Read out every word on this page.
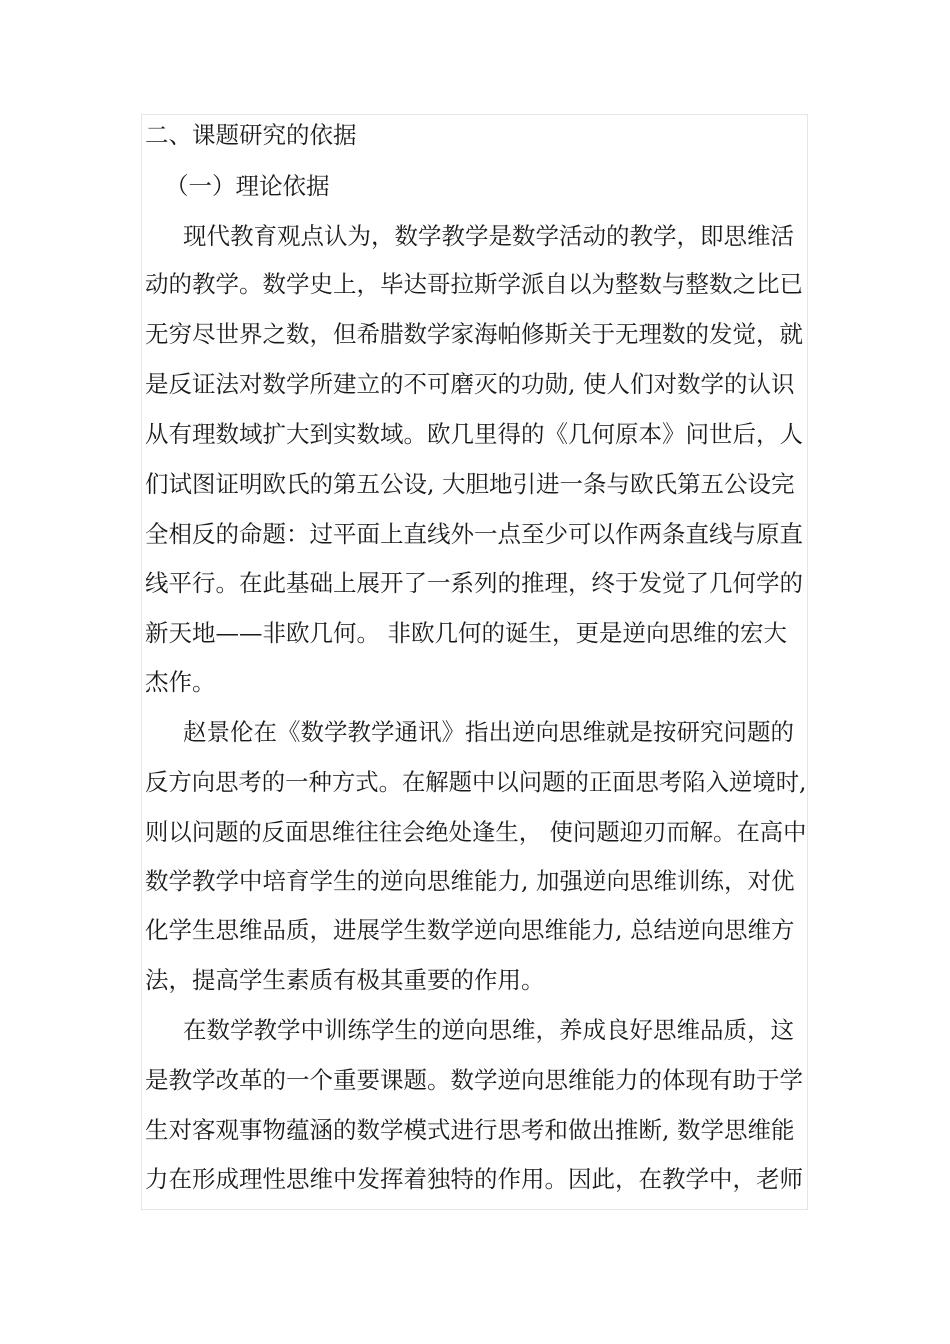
二、课题研究的依据
（一）理论依据
现代教育观点认为，数学教学是数学活动的教学，即思维活
动的教学。数学史上，毕达哥拉斯学派自以为整数与整数之比已
无穷尽世界之数，但希腊数学家海帕修斯关于无理数的发觉，就
是反证法对数学所建立的不可磨灭的功勋, 使人们对数学的认识
从有理数域扩大到实数域。欧几里得的《几何原本》问世后，人
们试图证明欧氏的第五公设, 大胆地引进一条与欧氏第五公设完
全相反的命题：过平面上直线外一点至少可以作两条直线与原直
线平行。在此基础上展开了一系列的推理，终于发觉了几何学的
新天地——非欧几何。 非欧几何的诞生，更是逆向思维的宏大
杰作。
赵景伦在《数学教学通讯》指出逆向思维就是按研究问题的
反方向思考的一种方式。在解题中以问题的正面思考陷入逆境时,
则以问题的反面思维往往会绝处逢生， 使问题迎刃而解。在高中
数学教学中培育学生的逆向思维能力, 加强逆向思维训练，对优
化学生思维品质，进展学生数学逆向思维能力, 总结逆向思维方
法，提高学生素质有极其重要的作用。
在数学教学中训练学生的逆向思维，养成良好思维品质，这
是教学改革的一个重要课题。数学逆向思维能力的体现有助于学
生对客观事物蕴涵的数学模式进行思考和做出推断, 数学思维能
力在形成理性思维中发挥着独特的作用。因此，在教学中，老师
